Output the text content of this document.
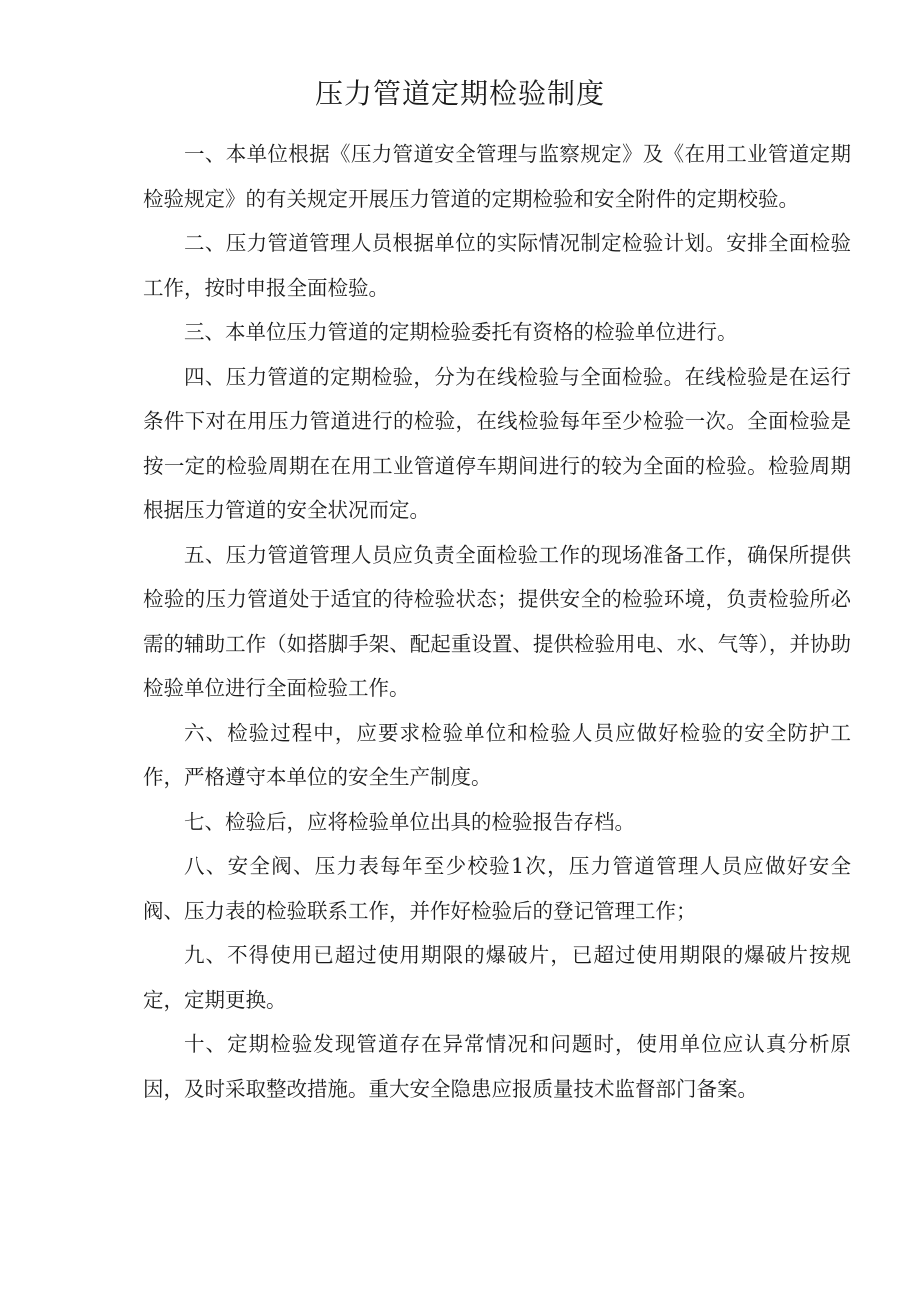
压力管道定期检验制度

一、本单位根据《压力管道安全管理与监察规定》及《在用工业管道定期检验规定》的有关规定开展压力管道的定期检验和安全附件的定期校验。

二、压力管道管理人员根据单位的实际情况制定检验计划。安排全面检验工作，按时申报全面检验。

三、本单位压力管道的定期检验委托有资格的检验单位进行。

四、压力管道的定期检验，分为在线检验与全面检验。在线检验是在运行条件下对在用压力管道进行的检验，在线检验每年至少检验一次。全面检验是按一定的检验周期在在用工业管道停车期间进行的较为全面的检验。检验周期根据压力管道的安全状况而定。

五、压力管道管理人员应负责全面检验工作的现场准备工作，确保所提供检验的压力管道处于适宜的待检验状态；提供安全的检验环境，负责检验所必需的辅助工作（如搭脚手架、配起重设置、提供检验用电、水、气等），并协助检验单位进行全面检验工作。

六、检验过程中，应要求检验单位和检验人员应做好检验的安全防护工作，严格遵守本单位的安全生产制度。

七、检验后，应将检验单位出具的检验报告存档。

八、安全阀、压力表每年至少校验1次，压力管道管理人员应做好安全阀、压力表的检验联系工作，并作好检验后的登记管理工作；

九、不得使用已超过使用期限的爆破片，已超过使用期限的爆破片按规定，定期更换。

十、定期检验发现管道存在异常情况和问题时，使用单位应认真分析原因，及时采取整改措施。重大安全隐患应报质量技术监督部门备案。
